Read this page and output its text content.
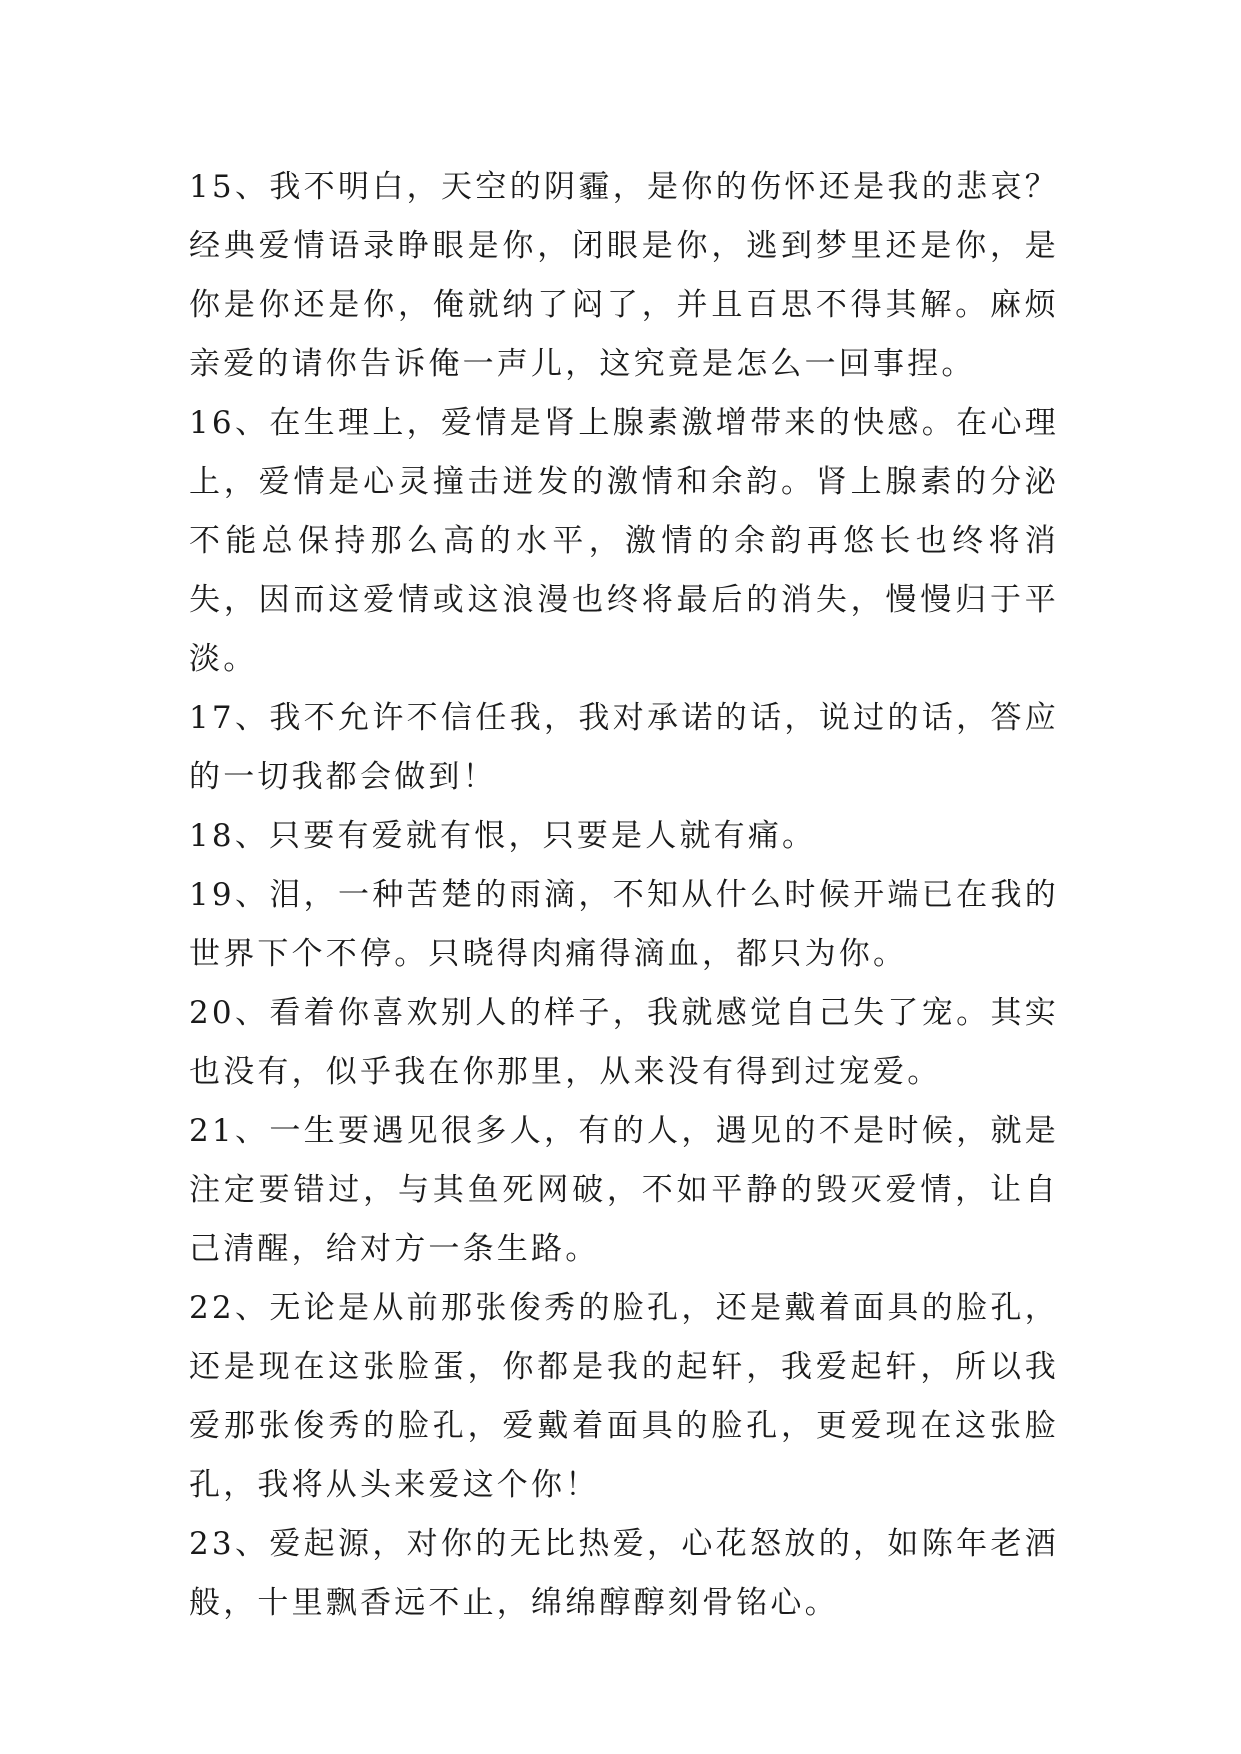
15、我不明白，天空的阴霾，是你的伤怀还是我的悲哀？经典爱情语录睁眼是你，闭眼是你，逃到梦里还是你，是你是你还是你，俺就纳了闷了，并且百思不得其解。麻烦亲爱的请你告诉俺一声儿，这究竟是怎么一回事捏。

16、在生理上，爱情是肾上腺素激增带来的快感。在心理上，爱情是心灵撞击迸发的激情和余韵。肾上腺素的分泌不能总保持那么高的水平，激情的余韵再悠长也终将消失，因而这爱情或这浪漫也终将最后的消失，慢慢归于平淡。

17、我不允许不信任我，我对承诺的话，说过的话，答应的一切我都会做到！

18、只要有爱就有恨，只要是人就有痛。

19、泪，一种苦楚的雨滴，不知从什么时候开端已在我的世界下个不停。只晓得肉痛得滴血，都只为你。

20、看着你喜欢别人的样子，我就感觉自己失了宠。其实也没有，似乎我在你那里，从来没有得到过宠爱。

21、一生要遇见很多人，有的人，遇见的不是时候，就是注定要错过，与其鱼死网破，不如平静的毁灭爱情，让自己清醒，给对方一条生路。

22、无论是从前那张俊秀的脸孔，还是戴着面具的脸孔，还是现在这张脸蛋，你都是我的起轩，我爱起轩，所以我爱那张俊秀的脸孔，爱戴着面具的脸孔，更爱现在这张脸孔，我将从头来爱这个你！

23、爱起源，对你的无比热爱，心花怒放的，如陈年老酒般，十里飘香远不止，绵绵醇醇刻骨铭心。
